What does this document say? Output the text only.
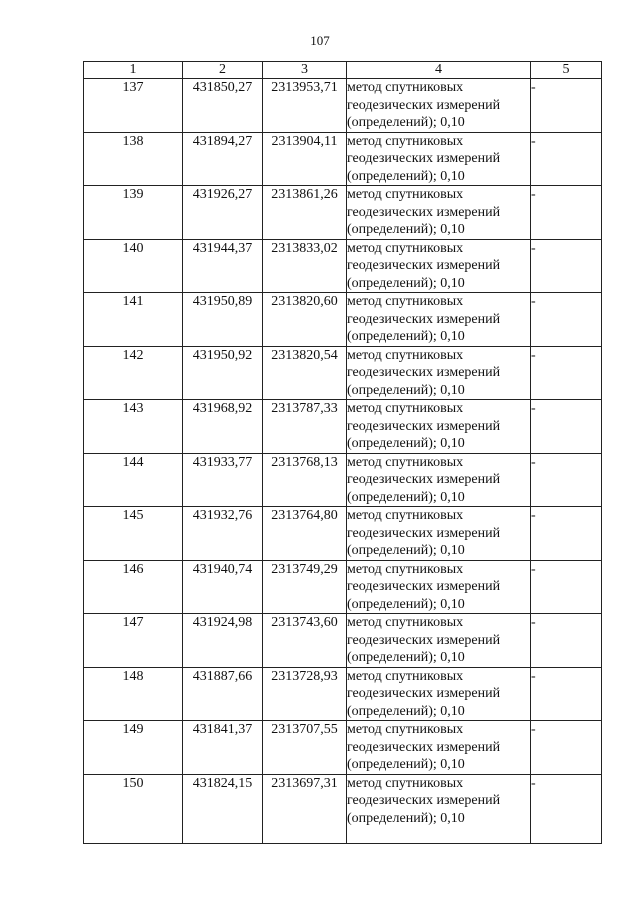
107
1	2	3	4	5
137	431850,27	2313953,71	метод спутниковых геодезических измерений (определений); 0,10	-
138	431894,27	2313904,11	метод спутниковых геодезических измерений (определений); 0,10	-
139	431926,27	2313861,26	метод спутниковых геодезических измерений (определений); 0,10	-
140	431944,37	2313833,02	метод спутниковых геодезических измерений (определений); 0,10	-
141	431950,89	2313820,60	метод спутниковых геодезических измерений (определений); 0,10	-
142	431950,92	2313820,54	метод спутниковых геодезических измерений (определений); 0,10	-
143	431968,92	2313787,33	метод спутниковых геодезических измерений (определений); 0,10	-
144	431933,77	2313768,13	метод спутниковых геодезических измерений (определений); 0,10	-
145	431932,76	2313764,80	метод спутниковых геодезических измерений (определений); 0,10	-
146	431940,74	2313749,29	метод спутниковых геодезических измерений (определений); 0,10	-
147	431924,98	2313743,60	метод спутниковых геодезических измерений (определений); 0,10	-
148	431887,66	2313728,93	метод спутниковых геодезических измерений (определений); 0,10	-
149	431841,37	2313707,55	метод спутниковых геодезических измерений (определений); 0,10	-
150	431824,15	2313697,31	метод спутниковых геодезических измерений (определений); 0,10	-
